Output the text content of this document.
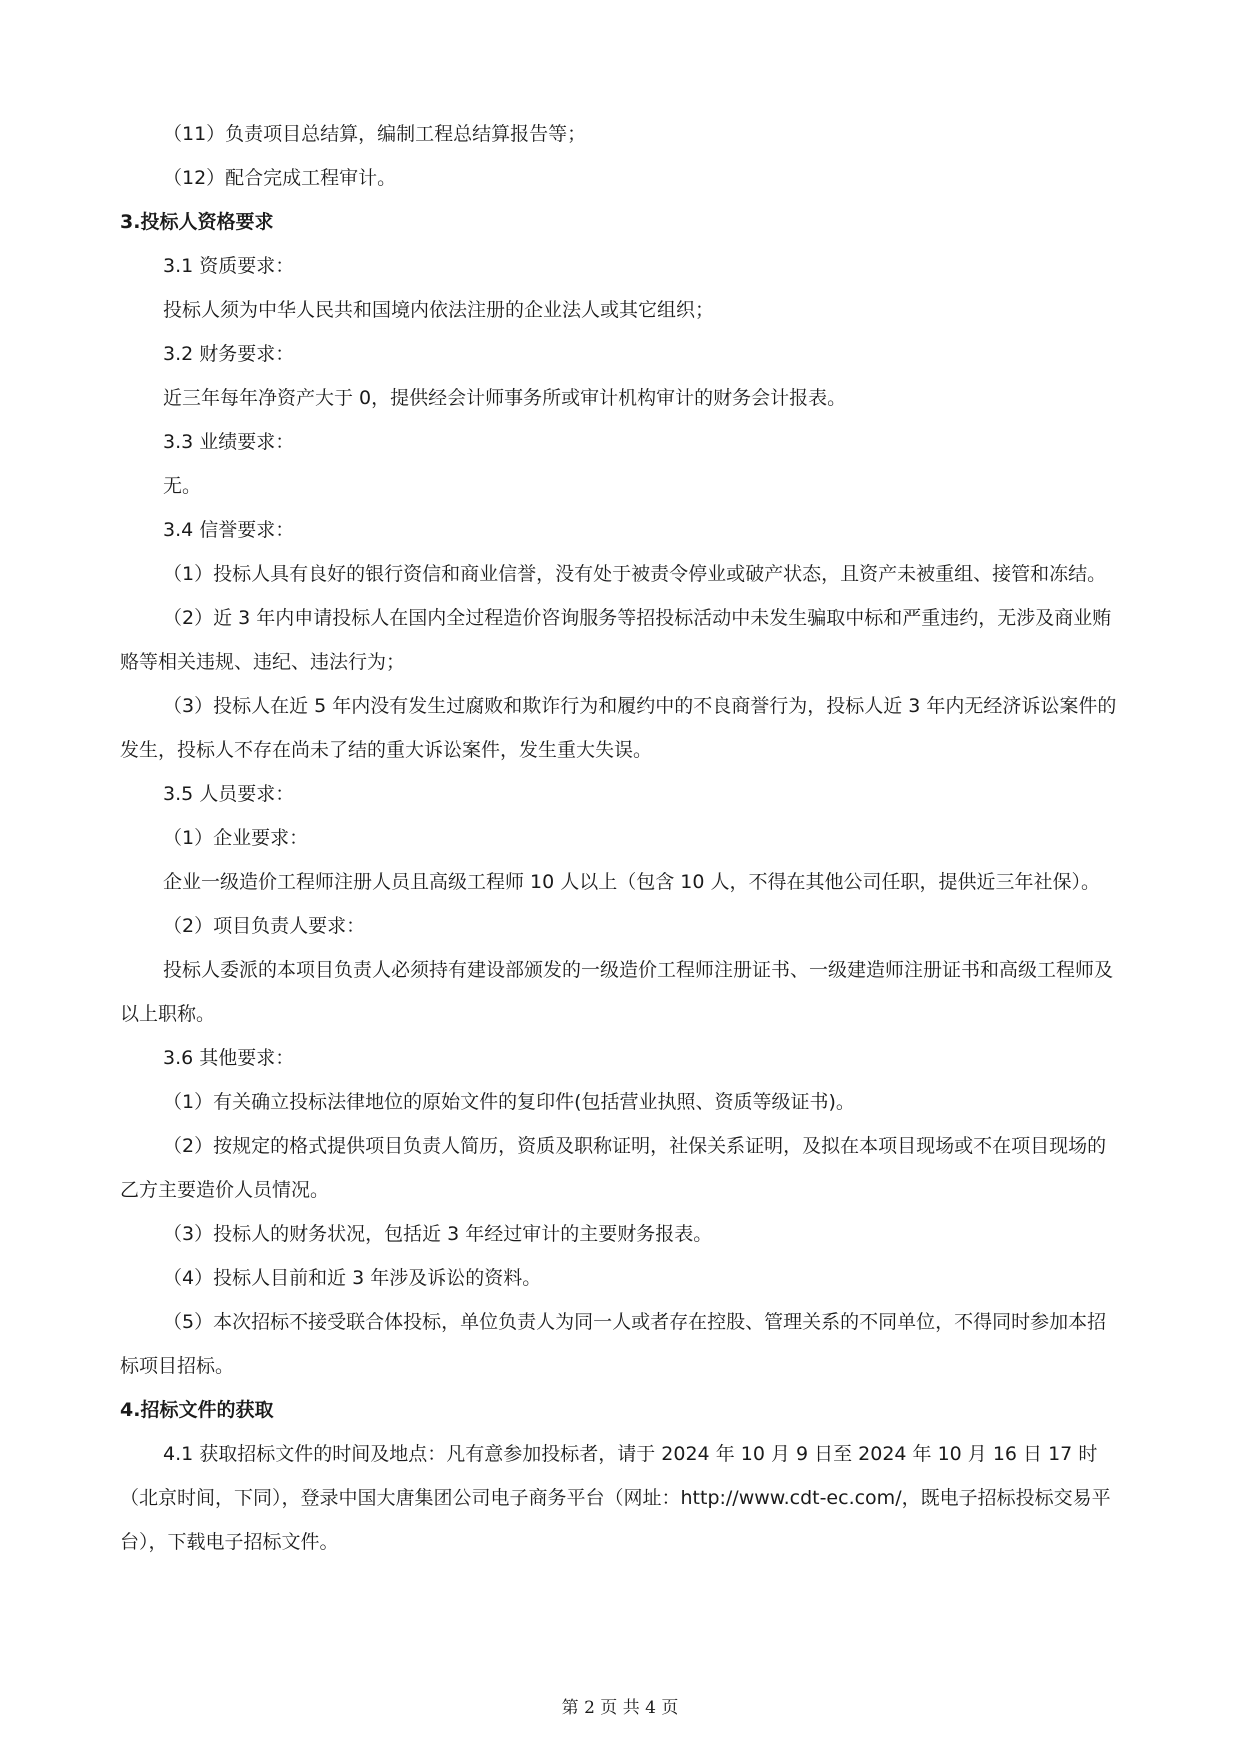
（11）负责项目总结算，编制工程总结算报告等；

（12）配合完成工程审计。

3.投标人资格要求

3.1 资质要求：

投标人须为中华人民共和国境内依法注册的企业法人或其它组织；

3.2 财务要求：

近三年每年净资产大于 0，提供经会计师事务所或审计机构审计的财务会计报表。

3.3 业绩要求：

无。

3.4 信誉要求：

（1）投标人具有良好的银行资信和商业信誉，没有处于被责令停业或破产状态，且资产未被重组、接管和冻结。

（2）近 3 年内申请投标人在国内全过程造价咨询服务等招投标活动中未发生骗取中标和严重违约，无涉及商业贿赂等相关违规、违纪、违法行为；

（3）投标人在近 5 年内没有发生过腐败和欺诈行为和履约中的不良商誉行为，投标人近 3 年内无经济诉讼案件的发生，投标人不存在尚未了结的重大诉讼案件，发生重大失误。

3.5 人员要求：

（1）企业要求：

企业一级造价工程师注册人员且高级工程师 10 人以上（包含 10 人，不得在其他公司任职，提供近三年社保）。

（2）项目负责人要求：

投标人委派的本项目负责人必须持有建设部颁发的一级造价工程师注册证书、一级建造师注册证书和高级工程师及以上职称。

3.6 其他要求：

（1）有关确立投标法律地位的原始文件的复印件(包括营业执照、资质等级证书)。

（2）按规定的格式提供项目负责人简历，资质及职称证明，社保关系证明，及拟在本项目现场或不在项目现场的乙方主要造价人员情况。

（3）投标人的财务状况，包括近 3 年经过审计的主要财务报表。

（4）投标人目前和近 3 年涉及诉讼的资料。

（5）本次招标不接受联合体投标，单位负责人为同一人或者存在控股、管理关系的不同单位，不得同时参加本招标项目招标。

4.招标文件的获取

4.1 获取招标文件的时间及地点：凡有意参加投标者，请于 2024 年 10 月 9 日至 2024 年 10 月 16 日 17 时（北京时间，下同），登录中国大唐集团公司电子商务平台（网址：http://www.cdt-ec.com/，既电子招标投标交易平台），下载电子招标文件。

第 2 页 共 4 页
